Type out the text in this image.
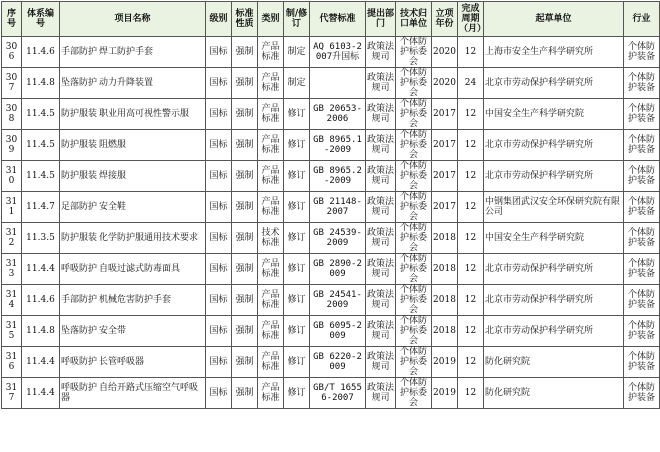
序号	体系编号	项目名称	级别	标准性质	类别	制/修订	代替标准	提出部门	技术归口单位	立项年份	完成周期（月）	起草单位	行业
306	11.4.6	手部防护 焊工防护手套	国标	强制	产品标准	制定	AQ 6103-2007升国标	政策法规司	个体防护标委会	2020	12	上海市安全生产科学研究所	个体防护装备
307	11.4.8	坠落防护 动力升降装置	国标	强制	产品标准	制定		政策法规司	个体防护标委会	2020	24	北京市劳动保护科学研究所	个体防护装备
308	11.4.5	防护服装 职业用高可视性警示服	国标	强制	产品标准	修订	GB 20653-2006	政策法规司	个体防护标委会	2017	12	中国安全生产科学研究院	个体防护装备
309	11.4.5	防护服装 阻燃服	国标	强制	产品标准	修订	GB 8965.1-2009	政策法规司	个体防护标委会	2017	12	北京市劳动保护科学研究所	个体防护装备
310	11.4.5	防护服装 焊接服	国标	强制	产品标准	修订	GB 8965.2-2009	政策法规司	个体防护标委会	2017	12	北京市劳动保护科学研究所	个体防护装备
311	11.4.7	足部防护 安全鞋	国标	强制	产品标准	修订	GB 21148-2007	政策法规司	个体防护标委会	2017	12	中钢集团武汉安全环保研究院有限公司	个体防护装备
312	11.3.5	防护服装 化学防护服通用技术要求	国标	强制	技术标准	修订	GB 24539-2009	政策法规司	个体防护标委会	2018	12	中国安全生产科学研究院	个体防护装备
313	11.4.4	呼吸防护 自吸过滤式防毒面具	国标	强制	产品标准	修订	GB 2890-2009	政策法规司	个体防护标委会	2018	12	北京市劳动保护科学研究所	个体防护装备
314	11.4.6	手部防护 机械危害防护手套	国标	强制	产品标准	修订	GB 24541-2009	政策法规司	个体防护标委会	2018	12	北京市劳动保护科学研究所	个体防护装备
315	11.4.8	坠落防护 安全带	国标	强制	产品标准	修订	GB 6095-2009	政策法规司	个体防护标委会	2018	12	北京市劳动保护科学研究所	个体防护装备
316	11.4.4	呼吸防护 长管呼吸器	国标	强制	产品标准	修订	GB 6220-2009	政策法规司	个体防护标委会	2019	12	防化研究院	个体防护装备
317	11.4.4	呼吸防护 自给开路式压缩空气呼吸器	国标	强制	产品标准	修订	GB/T 16556-2007	政策法规司	个体防护标委会	2019	12	防化研究院	个体防护装备
